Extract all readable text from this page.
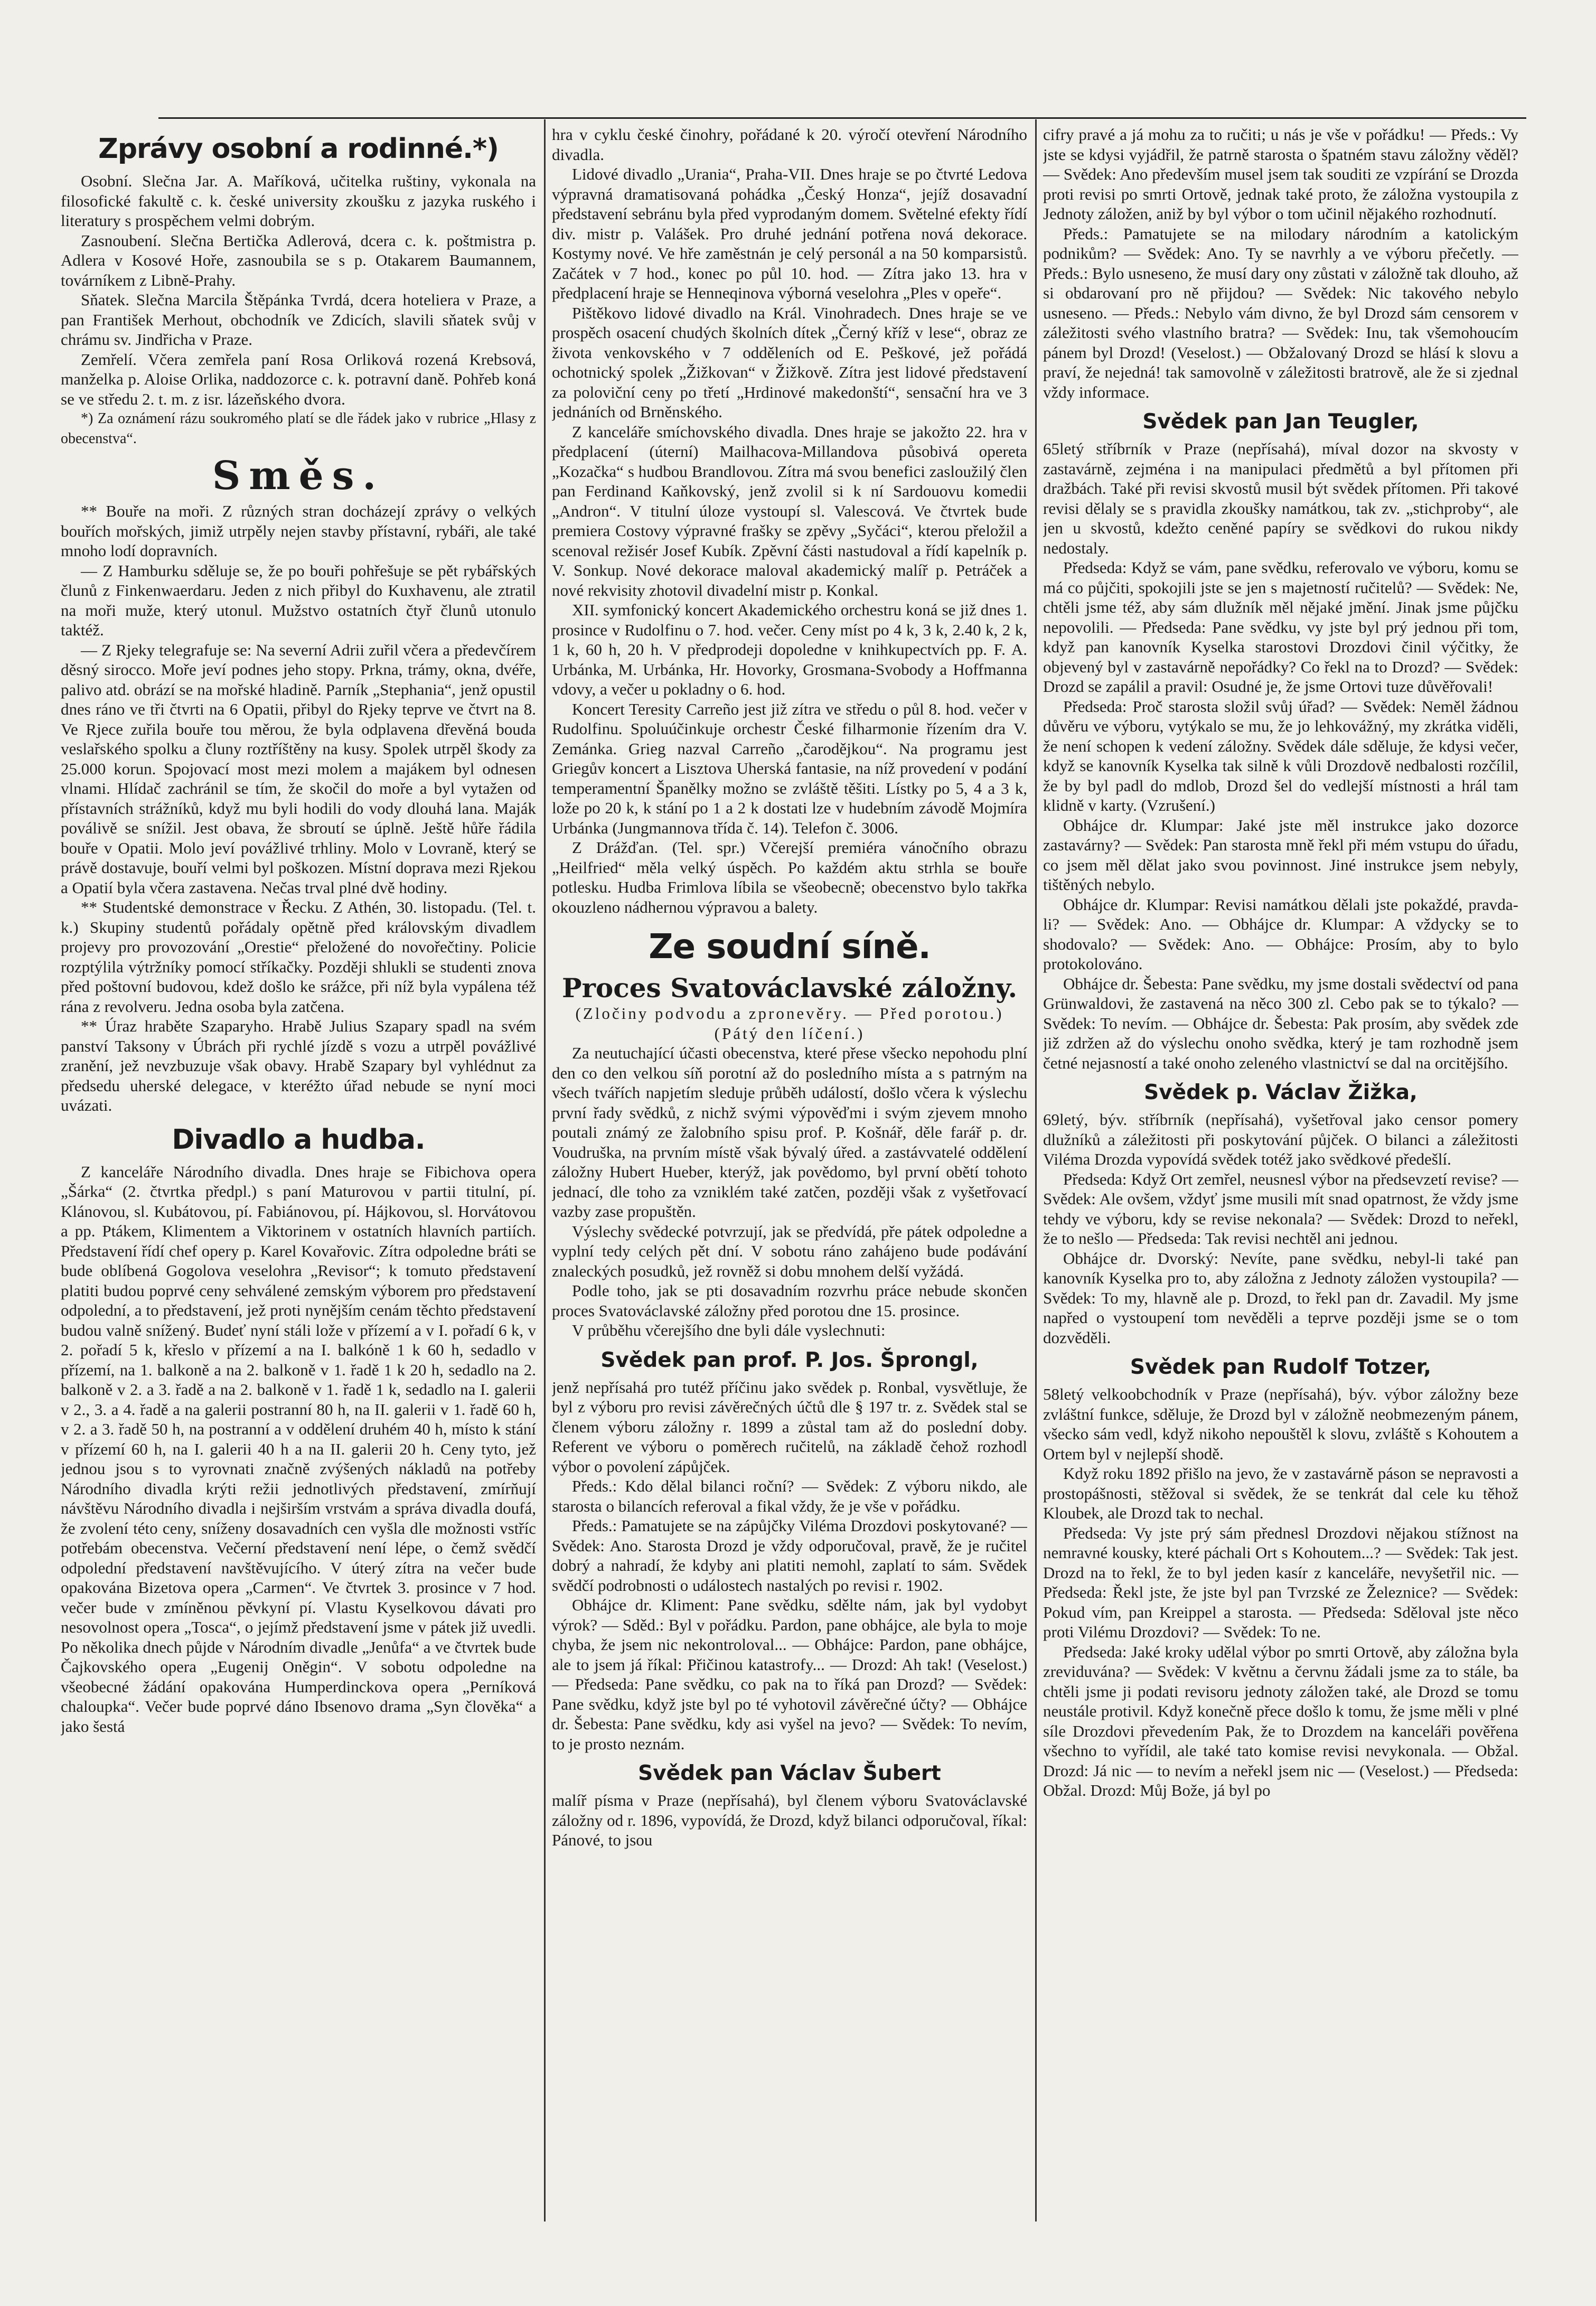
Zprávy osobní a rodinné.*)

Osobní. Slečna Jar. A. Maříková, učitelka ruštiny, vykonala na filosofické fakultě c. k. české university zkoušku z jazyka ruského i literatury s prospěchem velmi dobrým.

Zasnoubení. Slečna Bertička Adlerová, dcera c. k. poštmistra p. Adlera v Kosové Hoře, zasnoubila se s p. Otakarem Baumannem, továrníkem z Libně-Prahy.

Sňatek. Slečna Marcila Štěpánka Tvrdá, dcera hoteliera v Praze, a pan František Merhout, obchodník ve Zdicích, slavili sňatek svůj v chrámu sv. Jindřicha v Praze.

Zemřelí. Včera zemřela paní Rosa Orliková rozená Krebsová, manželka p. Aloise Orlika, naddozorce c. k. potravní daně. Pohřeb koná se ve středu 2. t. m. z isr. lázeňského dvora.

*) Za oznámení rázu soukromého platí se dle řádek jako v rubrice „Hlasy z obecenstva“.

Směs.

** Bouře na moři. Z různých stran docházejí zprávy o velkých bouřích mořských, jimiž utrpěly nejen stavby přístavní, rybáři, ale také mnoho lodí dopravních.

— Z Hamburku sděluje se, že po bouři pohřešuje se pět rybářských člunů z Finkenwaerdaru. Jeden z nich přibyl do Kuxhavenu, ale ztratil na moři muže, který utonul. Mužstvo ostatních čtyř člunů utonulo taktéž.

— Z Rjeky telegrafuje se: Na severní Adrii zuřil včera a předevčírem děsný sirocco. Moře jeví podnes jeho stopy. Prkna, trámy, okna, dvéře, palivo atd. obrází se na mořské hladině. Parník „Stephania“, jenž opustil dnes ráno ve tři čtvrti na 6 Opatii, přibyl do Rjeky teprve ve čtvrt na 8. Ve Rjece zuřila bouře tou měrou, že byla odplavena dřevěná bouda veslařského spolku a čluny roztříštěny na kusy. Spolek utrpěl škody za 25.000 korun. Spojovací most mezi molem a majákem byl odnesen vlnami. Hlídač zachránil se tím, že skočil do moře a byl vytažen od přístavních strážníků, když mu byli hodili do vody dlouhá lana. Maják poválivě se snížil. Jest obava, že sbroutí se úplně. Ještě hůře řádila bouře v Opatii. Molo jeví povážlivé trhliny. Molo v Lovraně, který se právě dostavuje, bouří velmi byl poškozen. Místní doprava mezi Rjekou a Opatií byla včera zastavena. Nečas trval plné dvě hodiny.

** Studentské demonstrace v Řecku. Z Athén, 30. listopadu. (Tel. t. k.) Skupiny studentů pořádaly opětně před královským divadlem projevy pro provozování „Orestie“ přeložené do novořečtiny. Policie rozptýlila výtržníky pomocí stříkačky. Později shlukli se studenti znova před poštovní budovou, kdež došlo ke srážce, při níž byla vypálena též rána z revolveru. Jedna osoba byla zatčena.

** Úraz hraběte Szaparyho. Hrabě Julius Szapary spadl na svém panství Taksony v Úbrách při rychlé jízdě s vozu a utrpěl povážlivé zranění, jež nevzbuzuje však obavy. Hrabě Szapary byl vyhlédnut za předsedu uherské delegace, v kteréžto úřad nebude se nyní moci uvázati.

Divadlo a hudba.

Z kanceláře Národního divadla. Dnes hraje se Fibichova opera „Šárka“ (2. čtvrtka předpl.) s paní Maturovou v partii titulní, pí. Klánovou, sl. Kubátovou, pí. Fabiánovou, pí. Hájkovou, sl. Horvátovou a pp. Ptákem, Klimentem a Viktorinem v ostatních hlavních partiích. Představení řídí chef opery p. Karel Kovařovic. Zítra odpoledne bráti se bude oblíbená Gogolova veselohra „Revisor“; k tomuto představení platiti budou poprvé ceny sehválené zemským výborem pro představení odpolední, a to představení, jež proti nynějším cenám těchto představení budou valně snížený. Budeť nyní stáli lože v přízemí a v I. pořadí 6 k, v 2. pořadí 5 k, křeslo v přízemí a na I. balkóně 1 k 60 h, sedadlo v přízemí, na 1. balkoně a na 2. balkoně v 1. řadě 1 k 20 h, sedadlo na 2. balkoně v 2. a 3. řadě a na 2. balkoně v 1. řadě 1 k, sedadlo na I. galerii v 2., 3. a 4. řadě a na galerii postranní 80 h, na II. galerii v 1. řadě 60 h, v 2. a 3. řadě 50 h, na postranní a v oddělení druhém 40 h, místo k stání v přízemí 60 h, na I. galerii 40 h a na II. galerii 20 h. Ceny tyto, jež jednou jsou s to vyrovnati značně zvýšených nákladů na potřeby Národního divadla krýti režii jednotlivých představení, zmírňují návštěvu Národního divadla i nejširším vrstvám a správa divadla doufá, že zvolení této ceny, sníženy dosavadních cen vyšla dle možnosti vstříc potřebám obecenstva. Večerní představení není lépe, o čemž svědčí odpolední představení navštěvujícího. V úterý zítra na večer bude opakována Bizetova opera „Carmen“. Ve čtvrtek 3. prosince v 7 hod. večer bude v zmíněnou pěvkyní pí. Vlastu Kyselkovou dávati pro nesovolnost opera „Tosca“, o jejímž představení jsme v pátek již uvedli. Po několika dnech půjde v Národním divadle „Jenůfa“ a ve čtvrtek bude Čajkovského opera „Eugenij Oněgin“. V sobotu odpoledne na všeobecné žádání opakována Humperdinckova opera „Perníková chaloupka“. Večer bude poprvé dáno Ibsenovo drama „Syn člověka“ a jako šestá

hra v cyklu české činohry, pořádané k 20. výročí otevření Národního divadla.

Lidové divadlo „Urania“, Praha-VII. Dnes hraje se po čtvrté Ledova výpravná dramatisovaná pohádka „Český Honza“, jejíž dosavadní představení sebránu byla před vyprodaným domem. Světelné efekty řídí div. mistr p. Valášek. Pro druhé jednání potřena nová dekorace. Kostymy nové. Ve hře zaměstnán je celý personál a na 50 komparsistů. Začátek v 7 hod., konec po půl 10. hod. — Zítra jako 13. hra v předplacení hraje se Henneqinova výborná veselohra „Ples v opeře“.

Pištěkovo lidové divadlo na Král. Vinohradech. Dnes hraje se ve prospěch osacení chudých školních dítek „Černý kříž v lese“, obraz ze života venkovského v 7 odděleních od E. Peškové, jež pořádá ochotnický spolek „Žižkovan“ v Žižkově. Zítra jest lidové představení za poloviční ceny po třetí „Hrdinové makedonští“, sensační hra ve 3 jednáních od Brněnského.

Z kanceláře smíchovského divadla. Dnes hraje se jakožto 22. hra v předplacení (úterní) Mailhacova-Millandova působivá opereta „Kozačka“ s hudbou Brandlovou. Zítra má svou benefici zasloužilý člen pan Ferdinand Kaňkovský, jenž zvolil si k ní Sardouovu komedii „Andron“. V titulní úloze vystoupí sl. Valescová. Ve čtvrtek bude premiera Costovy výpravné frašky se zpěvy „Syčáci“, kterou přeložil a scenoval režisér Josef Kubík. Zpěvní části nastudoval a řídí kapelník p. V. Sonkup. Nové dekorace maloval akademický malíř p. Petráček a nové rekvisity zhotovil divadelní mistr p. Konkal.

XII. symfonický koncert Akademického orchestru koná se již dnes 1. prosince v Rudolfinu o 7. hod. večer. Ceny míst po 4 k, 3 k, 2.40 k, 2 k, 1 k, 60 h, 20 h. V předprodeji dopoledne v knihkupectvích pp. F. A. Urbánka, M. Urbánka, Hr. Hovorky, Grosmana-Svobody a Hoffmanna vdovy, a večer u pokladny o 6. hod.

Koncert Teresity Carreño jest již zítra ve středu o půl 8. hod. večer v Rudolfinu. Spoluúčinkuje orchestr České filharmonie řízením dra V. Zemánka. Grieg nazval Carreño „čarodějkou“. Na programu jest Griegův koncert a Lisztova Uherská fantasie, na níž provedení v podání temperamentní Španělky možno se zvláště těšiti. Lístky po 5, 4 a 3 k, lože po 20 k, k stání po 1 a 2 k dostati lze v hudebním závodě Mojmíra Urbánka (Jungmannova třída č. 14). Telefon č. 3006.

Z Drážďan. (Tel. spr.) Včerejší premiéra vánočního obrazu „Heilfried“ měla velký úspěch. Po každém aktu strhla se bouře potlesku. Hudba Frimlova líbila se všeobecně; obecenstvo bylo takřka okouzleno nádhernou výpravou a balety.

Ze soudní síně.
Proces Svatováclavské záložny.

(Zločiny podvodu a zpronevěry. — Před porotou.)

(Pátý den líčení.)

Za neutuchající účasti obecenstva, které přese všecko nepohodu plní den co den velkou síň porotní až do posledního místa a s patrným na všech tvářích napjetím sleduje průběh událostí, došlo včera k výslechu první řady svědků, z nichž svými výpověďmi i svým zjevem mnoho poutali známý ze žalobního spisu prof. P. Košnář, děle farář p. dr. Voudruška, na prvním místě však bývalý úřed. a zastávvatelé oddělení záložny Hubert Hueber, kterýž, jak povědomo, byl první obětí tohoto jednací, dle toho za vzniklém také zatčen, později však z vyšetřovací vazby zase propuštěn.

Výslechy svědecké potvrzují, jak se předvídá, pře pátek odpoledne a vyplní tedy celých pět dní. V sobotu ráno zahájeno bude podávání znaleckých posudků, jež rovněž si dobu mnohem delší vyžádá.

Podle toho, jak se pti dosavadním rozvrhu práce nebude skončen proces Svatováclavské záložny před porotou dne 15. prosince.

V průběhu včerejšího dne byli dále vyslechnuti:

Svědek pan prof. P. Jos. Šprongl,

jenž nepřísahá pro tutéž příčinu jako svědek p. Ronbal, vysvětluje, že byl z výboru pro revisi závěrečných účtů dle § 197 tr. z. Svědek stal se členem výboru záložny r. 1899 a zůstal tam až do poslední doby. Referent ve výboru o poměrech ručitelů, na základě čehož rozhodl výbor o povolení zápůjček.

Předs.: Kdo dělal bilanci roční? — Svědek: Z výboru nikdo, ale starosta o bilancích referoval a fikal vždy, že je vše v pořádku.

Předs.: Pamatujete se na zápůjčky Viléma Drozdovi poskytované? — Svědek: Ano. Starosta Drozd je vždy odporučoval, pravě, že je ručitel dobrý a nahradí, že kdyby ani platiti nemohl, zaplatí to sám. Svědek svědčí podrobnosti o událostech nastalých po revisi r. 1902.

Obhájce dr. Kliment: Pane svědku, sdělte nám, jak byl vydobyt výrok? — Sděd.: Byl v pořádku. Pardon, pane obhájce, ale byla to moje chyba, že jsem nic nekontroloval... — Obhájce: Pardon, pane obhájce, ale to jsem já říkal: Přičinou katastrofy... — Drozd: Ah tak! (Veselost.) — Předseda: Pane svědku, co pak na to říká pan Drozd? — Svědek: Pane svědku, když jste byl po té vyhotovil závěrečné účty? — Obhájce dr. Šebesta: Pane svědku, kdy asi vyšel na jevo? — Svědek: To nevím, to je prosto neznám.

Svědek pan Václav Šubert

malíř písma v Praze (nepřísahá), byl členem výboru Svatováclavské záložny od r. 1896, vypovídá, že Drozd, když bilanci odporučoval, říkal: Pánové, to jsou

cifry pravé a já mohu za to ručiti; u nás je vše v pořádku! — Předs.: Vy jste se kdysi vyjádřil, že patrně starosta o špatném stavu záložny věděl? — Svědek: Ano především musel jsem tak souditi ze vzpírání se Drozda proti revisi po smrti Ortově, jednak také proto, že záložna vystoupila z Jednoty záložen, aniž by byl výbor o tom učinil nějakého rozhodnutí.

Předs.: Pamatujete se na milodary národním a katolickým podnikům? — Svědek: Ano. Ty se navrhly a ve výboru přečetly. — Předs.: Bylo usneseno, že musí dary ony zůstati v záložně tak dlouho, až si obdarovaní pro ně přijdou? — Svědek: Nic takového nebylo usneseno. — Předs.: Nebylo vám divno, že byl Drozd sám censorem v záležitosti svého vlastního bratra? — Svědek: Inu, tak všemohoucím pánem byl Drozd! (Veselost.) — Obžalovaný Drozd se hlásí k slovu a praví, že nejedná! tak samovolně v záležitosti bratrově, ale že si zjednal vždy informace.

Svědek pan Jan Teugler,

65letý stříbrník v Praze (nepřísahá), míval dozor na skvosty v zastavárně, zejména i na manipulaci předmětů a byl přítomen při dražbách. Také při revisi skvostů musil být svědek přítomen. Při takové revisi dělaly se s pravidla zkoušky namátkou, tak zv. „stichproby“, ale jen u skvostů, kdežto ceněné papíry se svědkovi do rukou nikdy nedostaly.

Předseda: Když se vám, pane svědku, referovalo ve výboru, komu se má co půjčiti, spokojili jste se jen s majetností ručitelů? — Svědek: Ne, chtěli jsme též, aby sám dlužník měl nějaké jmění. Jinak jsme půjčku nepovolili. — Předseda: Pane svědku, vy jste byl prý jednou při tom, když pan kanovník Kyselka starostovi Drozdovi činil výčitky, že objevený byl v zastavárně nepořádky? Co řekl na to Drozd? — Svědek: Drozd se zapálil a pravil: Osudné je, že jsme Ortovi tuze důvěřovali!

Předseda: Proč starosta složil svůj úřad? — Svědek: Neměl žádnou důvěru ve výboru, vytýkalo se mu, že jo lehkovážný, my zkrátka viděli, že není schopen k vedení záložny. Svědek dále sděluje, že kdysi večer, když se kanovník Kyselka tak silně k vůli Drozdově nedbalosti rozčílil, že by byl padl do mdlob, Drozd šel do vedlejší místnosti a hrál tam klidně v karty. (Vzrušení.)

Obhájce dr. Klumpar: Jaké jste měl instrukce jako dozorce zastavárny? — Svědek: Pan starosta mně řekl při mém vstupu do úřadu, co jsem měl dělat jako svou povinnost. Jiné instrukce jsem nebyly, tištěných nebylo.

Obhájce dr. Klumpar: Revisi namátkou dělali jste pokaždé, pravda-li? — Svědek: Ano. — Obhájce dr. Klumpar: A vždycky se to shodovalo? — Svědek: Ano. — Obhájce: Prosím, aby to bylo protokolováno.

Obhájce dr. Šebesta: Pane svědku, my jsme dostali svědectví od pana Grünwaldovi, že zastavená na něco 300 zl. Cebo pak se to týkalo? — Svědek: To nevím. — Obhájce dr. Šebesta: Pak prosím, aby svědek zde již zdržen až do výslechu onoho svědka, který je tam rozhodně jsem četné nejasností a také onoho zeleného vlastnictví se dal na orcitějšího.

Svědek p. Václav Žižka,

69letý, býv. stříbrník (nepřísahá), vyšetřoval jako censor pomery dlužníků a záležitosti při poskytování půjček. O bilanci a záležitosti Viléma Drozda vypovídá svědek totéž jako svědkové předešlí.

Předseda: Když Ort zemřel, neusnesl výbor na předsevzetí revise? — Svědek: Ale ovšem, vždyť jsme musili mít snad opatrnost, že vždy jsme tehdy ve výboru, kdy se revise nekonala? — Svědek: Drozd to neřekl, že to nešlo — Předseda: Tak revisi nechtěl ani jednou.

Obhájce dr. Dvorský: Nevíte, pane svědku, nebyl-li také pan kanovník Kyselka pro to, aby záložna z Jednoty záložen vystoupila? — Svědek: To my, hlavně ale p. Drozd, to řekl pan dr. Zavadil. My jsme napřed o vystoupení tom nevěděli a teprve později jsme se o tom dozvěděli.

Svědek pan Rudolf Totzer,

58letý velkoobchodník v Praze (nepřísahá), býv. výbor záložny beze zvláštní funkce, sděluje, že Drozd byl v záložně neobmezeným pánem, všecko sám vedl, když nikoho nepouštěl k slovu, zvláště s Kohoutem a Ortem byl v nejlepší shodě.

Když roku 1892 přišlo na jevo, že v zastavárně páson se nepravosti a prostopášnosti, stěžoval si svědek, že se tenkrát dal cele ku těhož Kloubek, ale Drozd tak to nechal.

Předseda: Vy jste prý sám přednesl Drozdovi nějakou stížnost na nemravné kousky, které páchali Ort s Kohoutem...? — Svědek: Tak jest. Drozd na to řekl, že to byl jeden kasír z kanceláře, nevyšetřil nic. — Předseda: Řekl jste, že jste byl pan Tvrzské ze Železnice? — Svědek: Pokud vím, pan Kreippel a starosta. — Předseda: Sděloval jste něco proti Vilému Drozdovi? — Svědek: To ne.

Předseda: Jaké kroky udělal výbor po smrti Ortově, aby záložna byla zreviduvána? — Svědek: V květnu a červnu žádali jsme za to stále, ba chtěli jsme ji podati revisoru jednoty záložen také, ale Drozd se tomu neustále protivil. Když konečně přece došlo k tomu, že jsme měli v plné síle Drozdovi převedením Pak, že to Drozdem na kanceláři pověřena všechno to vyřídil, ale také tato komise revisi nevykonala. — Obžal. Drozd: Já nic — to nevím a neřekl jsem nic — (Veselost.) — Předseda: Obžal. Drozd: Můj Bože, já byl po
